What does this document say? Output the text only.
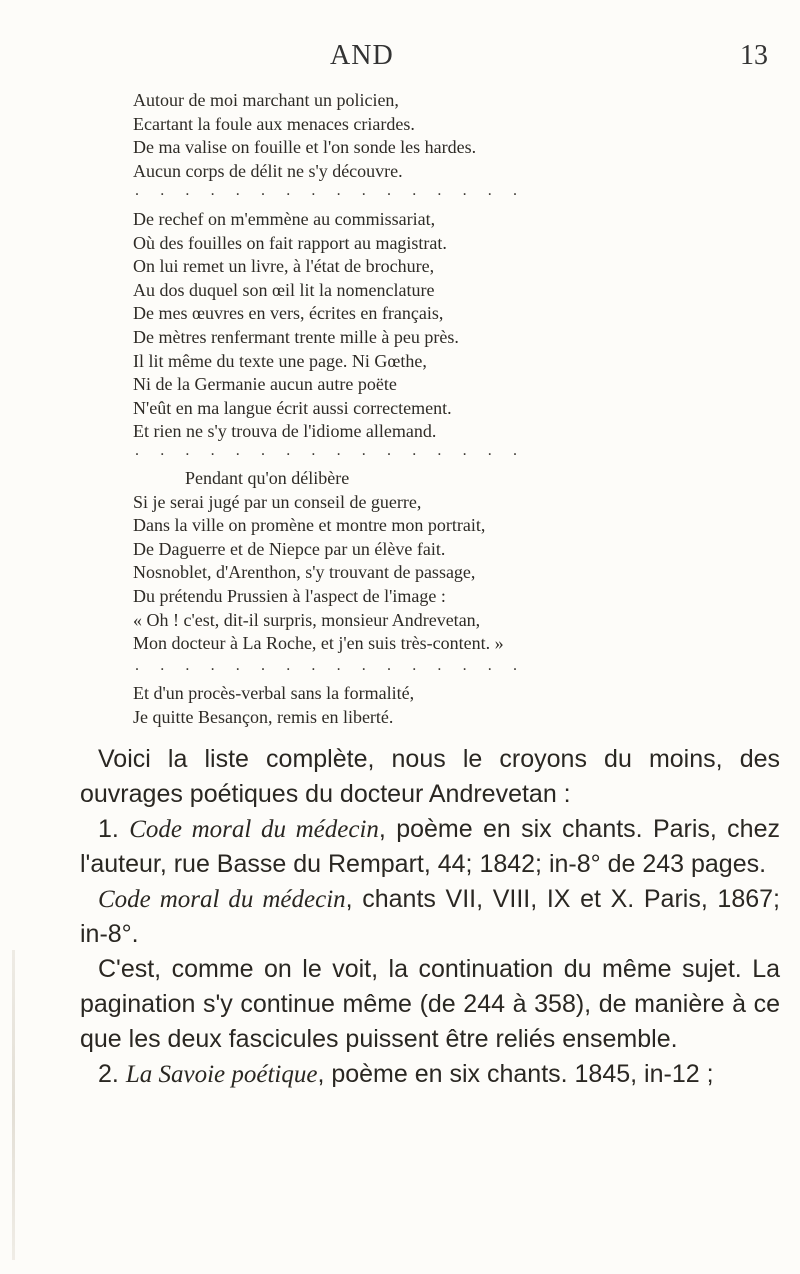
AND	13
Autour de moi marchant un policien,
Ecartant la foule aux menaces criardes.
De ma valise on fouille et l'on sonde les hardes.
Aucun corps de délit ne s'y découvre.
. . . . . . . . . . . . . . . .
De rechef on m'emmène au commissariat,
Où des fouilles on fait rapport au magistrat.
On lui remet un livre, à l'état de brochure,
Au dos duquel son œil lit la nomenclature
De mes œuvres en vers, écrites en français,
De mètres renfermant trente mille à peu près.
Il lit même du texte une page. Ni Gœthe,
Ni de la Germanie aucun autre poëte
N'eût en ma langue écrit aussi correctement.
Et rien ne s'y trouva de l'idiome allemand.
. . . . . . . . . . . . . . . .
Pendant qu'on délibère
Si je serai jugé par un conseil de guerre,
Dans la ville on promène et montre mon portrait,
De Daguerre et de Niepce par un élève fait.
Nosnoblet, d'Arenthon, s'y trouvant de passage,
Du prétendu Prussien à l'aspect de l'image :
« Oh ! c'est, dit-il surpris, monsieur Andrevetan,
Mon docteur à La Roche, et j'en suis très-content. »
. . . . . . . . . . . . . . . .
Et d'un procès-verbal sans la formalité,
Je quitte Besançon, remis en liberté.
Voici la liste complète, nous le croyons du moins, des ouvrages poétiques du docteur Andrevetan :
1. Code moral du médecin, poème en six chants. Paris, chez l'auteur, rue Basse du Rempart, 44; 1842; in-8° de 243 pages.
Code moral du médecin, chants VII, VIII, IX et X. Paris, 1867; in-8°.
C'est, comme on le voit, la continuation du même sujet. La pagination s'y continue même (de 244 à 358), de manière à ce que les deux fascicules puissent être reliés ensemble.
2. La Savoie poétique, poème en six chants. 1845, in-12 ;
